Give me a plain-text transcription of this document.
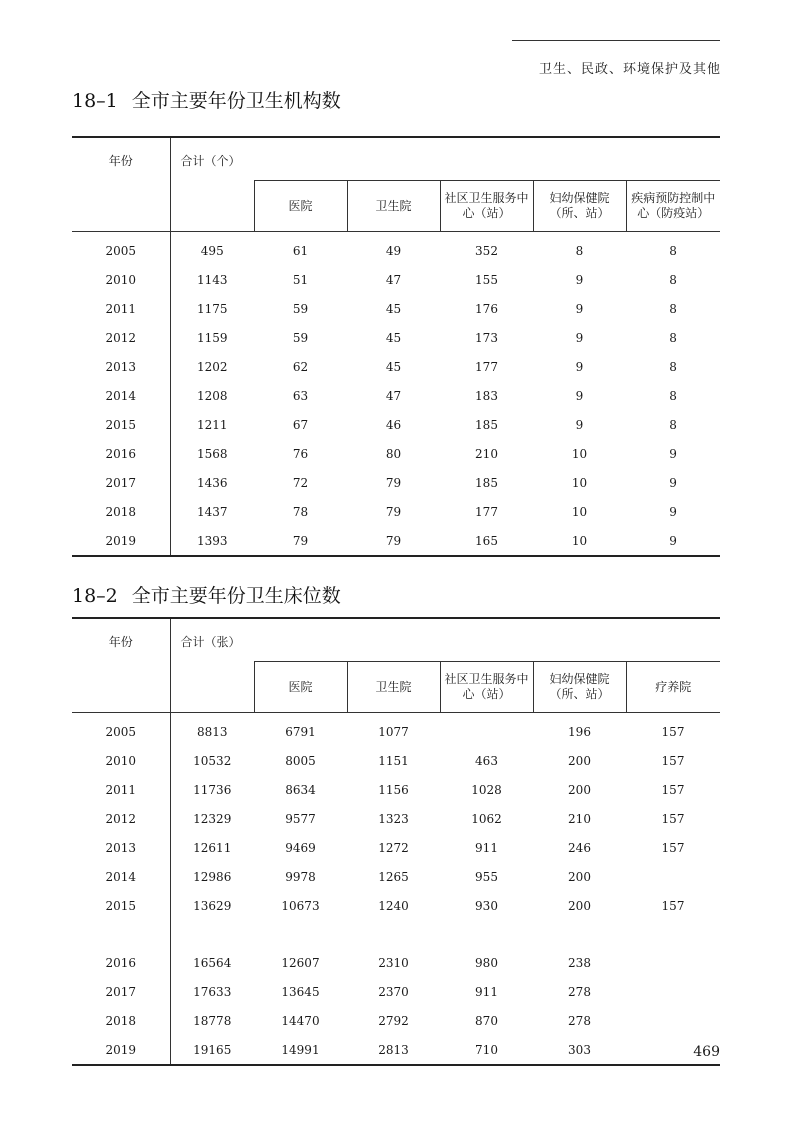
卫生、民政、环境保护及其他
18–1 全市主要年份卫生机构数
年份	合计（个）					
		医院	卫生院	社区卫生服务中心（站）	妇幼保健院（所、站）	疾病预防控制中心（防疫站）
2005	495	61	49	352	8	8
2010	1143	51	47	155	9	8
2011	1175	59	45	176	9	8
2012	1159	59	45	173	9	8
2013	1202	62	45	177	9	8
2014	1208	63	47	183	9	8
2015	1211	67	46	185	9	8
2016	1568	76	80	210	10	9
2017	1436	72	79	185	10	9
2018	1437	78	79	177	10	9
2019	1393	79	79	165	10	9
18–2 全市主要年份卫生床位数
年份	合计（张）					
		医院	卫生院	社区卫生服务中心（站）	妇幼保健院（所、站）	疗养院
2005	8813	6791	1077		196	157
2010	10532	8005	1151	463	200	157
2011	11736	8634	1156	1028	200	157
2012	12329	9577	1323	1062	210	157
2013	12611	9469	1272	911	246	157
2014	12986	9978	1265	955	200	
2015	13629	10673	1240	930	200	157

2016	16564	12607	2310	980	238	
2017	17633	13645	2370	911	278	
2018	18778	14470	2792	870	278	
2019	19165	14991	2813	710	303		469
